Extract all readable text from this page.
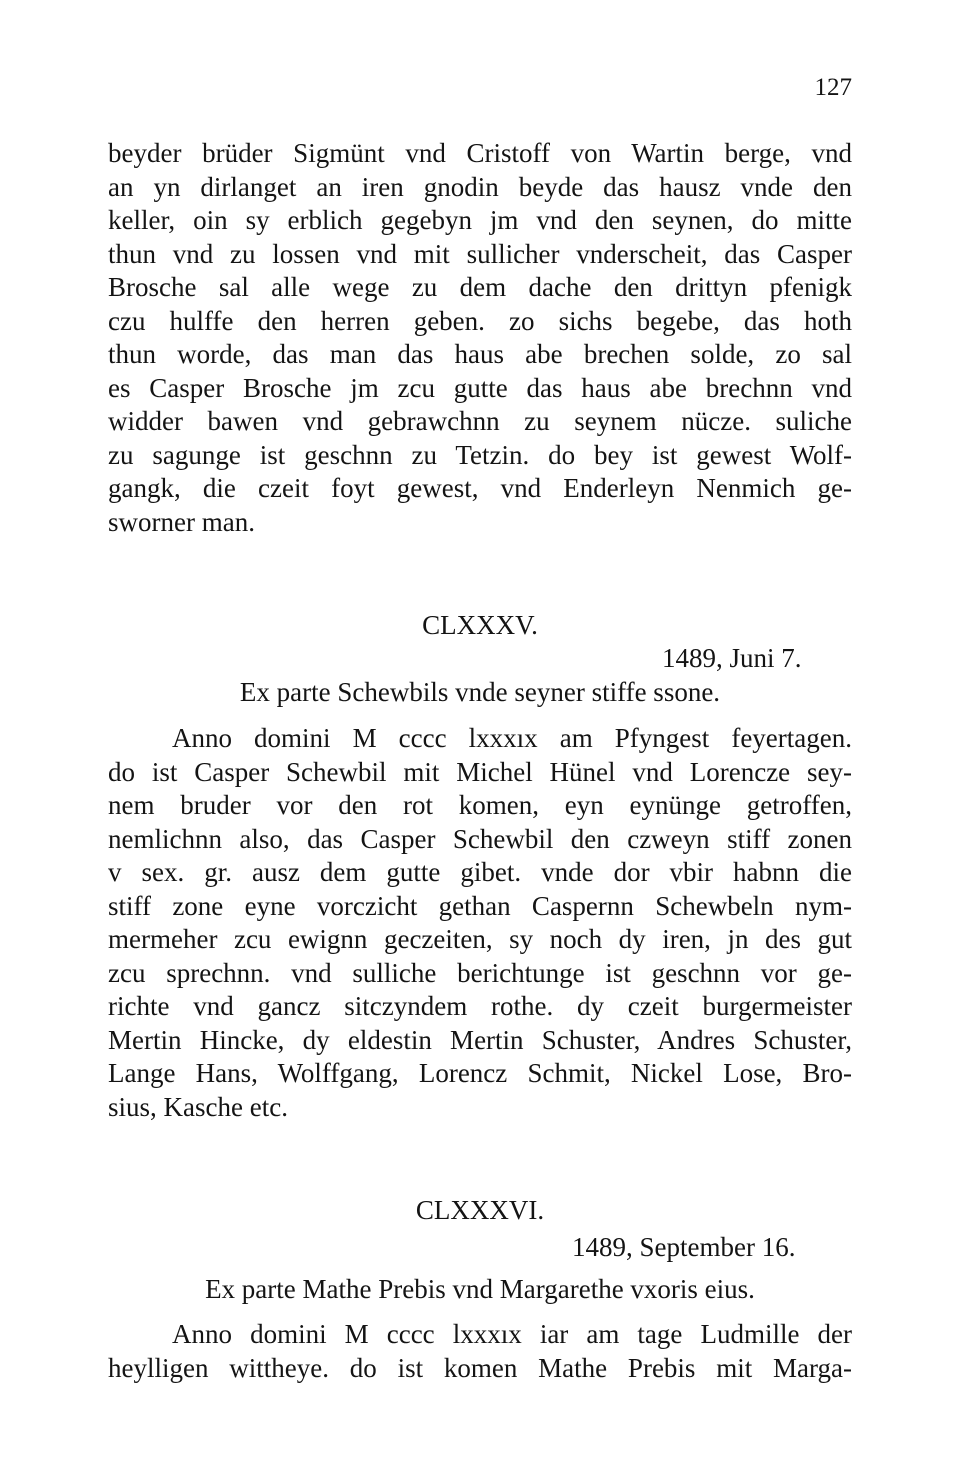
127
beyder brüder Sigmünt vnd Cristoff von Wartin berge, vnd
an yn dirlanget an iren gnodin beyde das hausz vnde den
keller, oin sy erblich gegebyn jm vnd den seynen, do mitte
thun vnd zu lossen vnd mit sullicher vnderscheit, das Casper
Brosche sal alle wege zu dem dache den drittyn pfenigk
czu hulffe den herren geben. zo sichs begebe, das hoth
thun worde, das man das haus abe brechen solde, zo sal
es Casper Brosche jm zcu gutte das haus abe brechnn vnd
widder bawen vnd gebrawchnn zu seynem nücze. suliche
zu sagunge ist geschnn zu Tetzin. do bey ist gewest Wolf-
gangk, die czeit foyt gewest, vnd Enderleyn Nenmich ge-
sworner man.
CLXXXV.
1489, Juni 7.
Ex parte Schewbils vnde seyner stiffe ssone.
Anno domini M cccc lxxxıx am Pfyngest feyertagen.
do ist Casper Schewbil mit Michel Hünel vnd Lorencze sey-
nem bruder vor den rot komen, eyn eynünge getroffen,
nemlichnn also, das Casper Schewbil den czweyn stiff zonen
v sex. gr. ausz dem gutte gibet. vnde dor vbir habnn die
stiff zone eyne vorczicht gethan Caspernn Schewbeln nym-
mermeher zcu ewignn geczeiten, sy noch dy iren, jn des gut
zcu sprechnn. vnd sulliche berichtunge ist geschnn vor ge-
richte vnd gancz sitczyndem rothe. dy czeit burgermeister
Mertin Hincke, dy eldestin Mertin Schuster, Andres Schuster,
Lange Hans, Wolffgang, Lorencz Schmit, Nickel Lose, Bro-
sius, Kasche etc.
CLXXXVI.
1489, September 16.
Ex parte Mathe Prebis vnd Margarethe vxoris eius.
Anno domini M cccc lxxxıx iar am tage Ludmille der
heylligen wittheye. do ist komen Mathe Prebis mit Marga-
